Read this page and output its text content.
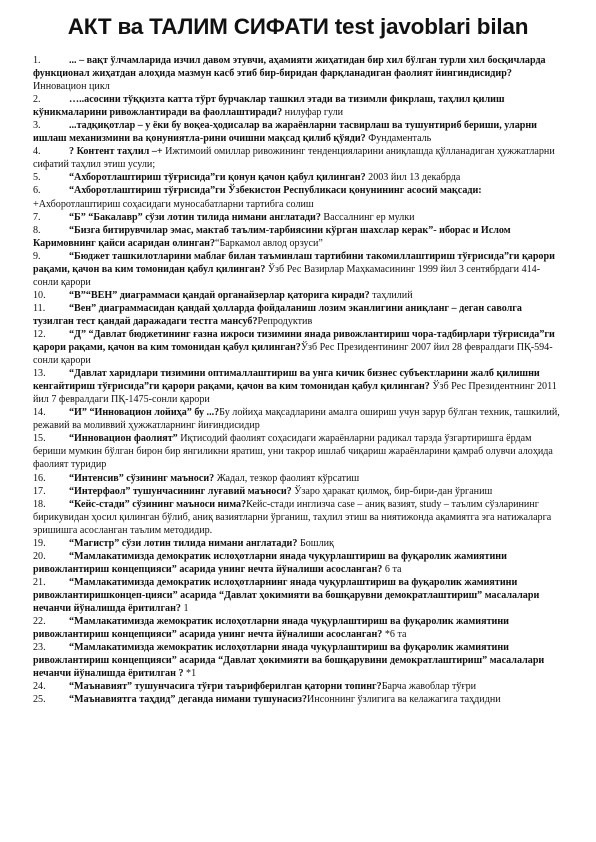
АКТ ва ТАЛИМ СИФАТИ test javoblari bilan

1.	... – вақт ўлчамларида изчил давом этувчи, аҳамияти жиҳатидан бир хил бўлган турли хил босқичларда функционал жиҳатдан алоҳида мазмун касб этиб бир-биридан фарқланадиган фаолият йингиндисидир? Инновацион цикл

2.	…..асосини тўққизта катта тўрт бурчаклар ташкил этади ва тизимли фикрлаш, таҳлил қилиш кўникмаларини ривожлантиради ва фаоллаштиради? нилуфар гули

3.	...тадқиқотлар – у ёки бу воқеа-ҳодисалар ва жараёнларни тасвирлаш ва тушунтириб бериши, уларни ишлаш механизмини ва қонуниятла-рини очишни мақсад қилиб қўяди? Фундаменталь

4.	? Контент таҳлил –+ Ижтимоий омиллар ривожининг тенденцияларини аниқлашда қўлланадиган ҳужжатларни сифатий таҳлил этиш усули;

5.	“Ахборотлаштириш тўғрисида”ги қонун қачон қабул қилинган? 2003 йил 13 декабрда

6.	“Ахборотлаштириш тўғрисида”ги Ўзбекистон Республикаси қонунининг асосий мақсади: +Ахборотлаштириш соҳасидаги муносабатларни тартибга солиш

7.	“Б” “Бакалавр” сўзи лотин тилида нимани англатади? Вассалнинг ер мулки

8.	“Бизга битирувчилар эмас, мактаб таълим-тарбиясини кўрган шахслар керак”- иборас и Ислом Каримовнинг қайси асаридан олинган?“Баркамол авлод орзуси”

9.	“Бюджет ташкилотларини маблағ билан таъминлаш тартибини такомиллаштириш тўғрисида”ги қарори рақами, қачон ва ким томонидан қабул қилинган? Ўзб Рес Вазирлар Маҳкамасининг 1999 йил 3 сентябрдаги 414-сонли қарори

10. “В”“ВЕН” диаграммаси қандай органайзерлар қаторига киради? таҳлилий

11. “Вен” диаграммасидан қандай ҳолларда фойдаланиш лозим эканлигини аниқланг – деган саволга тузилган тест қандай даражадаги тестга мансуб?Репродуктив

12. “Д” “Давлат бюджетининг ғазна ижроси тизимини янада ривожлантириш чора-тадбирлари тўғрисида”ги қарори рақами, қачон ва ким томонидан қабул қилинган?Ўзб Рес Президентининг 2007 йил 28 февралдаги ПҚ-594-сонли қарори

13. “Давлат харидлари тизимини оптималлаштириш ва унга кичик бизнес субъектларини жалб қилишни кенгайтириш тўғрисида”ги қарори рақами, қачон ва ким томонидан қабул қилинган? Ўзб Рес Президентнинг 2011 йил 7 февралдаги ПҚ-1475-сонли қарори

14. “И” “Инновацион лойиҳа” бу ...?Бу лойиҳа мақсадларини амалга ошириш учун зарур бўлган техник, ташкилий, режавий ва моливвий ҳужжатларнинг йиғиндисидир

15. “Инновацион фаолият” Иқтисодий фаолият соҳасидаги жараёнларни радикал тарзда ўзгартиришга ёрдам бериши мумкин бўлган бирон бир янгиликни яратиш, уни такрор ишлаб чиқариш жараёнларини қамраб олувчи алоҳида фаолият туридир

16. “Интенсив” сўзининг маъноси? Жадал, тезкор фаолият кўрсатиш

17. “Интерфаол” тушунчасининг луғавий маъноси? Ўзаро ҳаракат қилмоқ, бир-бири-дан ўрганиш

18. “Кейс-стади” сўзининг маъноси нима?Кейс-стади инглизча case – аниқ вазият, study – таълим сўзларининг бирикувидан ҳосил қилинган бўлиб, аниқ вазиятларни ўрганиш, таҳлил этиш ва ниятижонда ақамиятга эга натижаларга эришишга асосланган таълим методидир.

19. “Магистр” сўзи лотин тилида нимани англатади? Бошлиқ

20. “Мамлакатимизда демократик ислоҳотларни янада чуқурлаштириш ва фуқаролик жамиятини ривожлантириш концепцияси” асарида унинг нечта йўналиши асосланган? 6 та

21. “Мамлакатимизда демократик ислоҳотларнинг янада чуқурлаштириш ва фуқаролик жамиятини ривожлантиришконцеп-цияси” асарида “Давлат ҳокимияти ва бошқарувни демократлаштириш” масалалари нечанчи йўналишда ёритилган? 1

22. “Мамлакатимизда жемократик ислоҳотларни янада чуқурлаштириш ва фуқаролик жамиятини ривожлантириш концепцияси” асарида унинг нечта йўналиши асосланган? *6 та

23. “Мамлакатимизда жемократик ислоҳотларни янада чуқурлаштириш ва фуқаролик жамиятини ривожлантириш концепцияси” асарида “Давлат ҳокимияти ва бошқарувини демократлаштириш” масалалари нечанчи йўналишда ёритилган ? *1

24. “Маънавият” тушунчасига тўғри таърифберилган қаторни топинг?Барча жавоблар тўғри

25. “Маънавиятга таҳдид” деганда нимани тушунасиз?Инсоннинг ўзлигига ва келажагига таҳдидни
